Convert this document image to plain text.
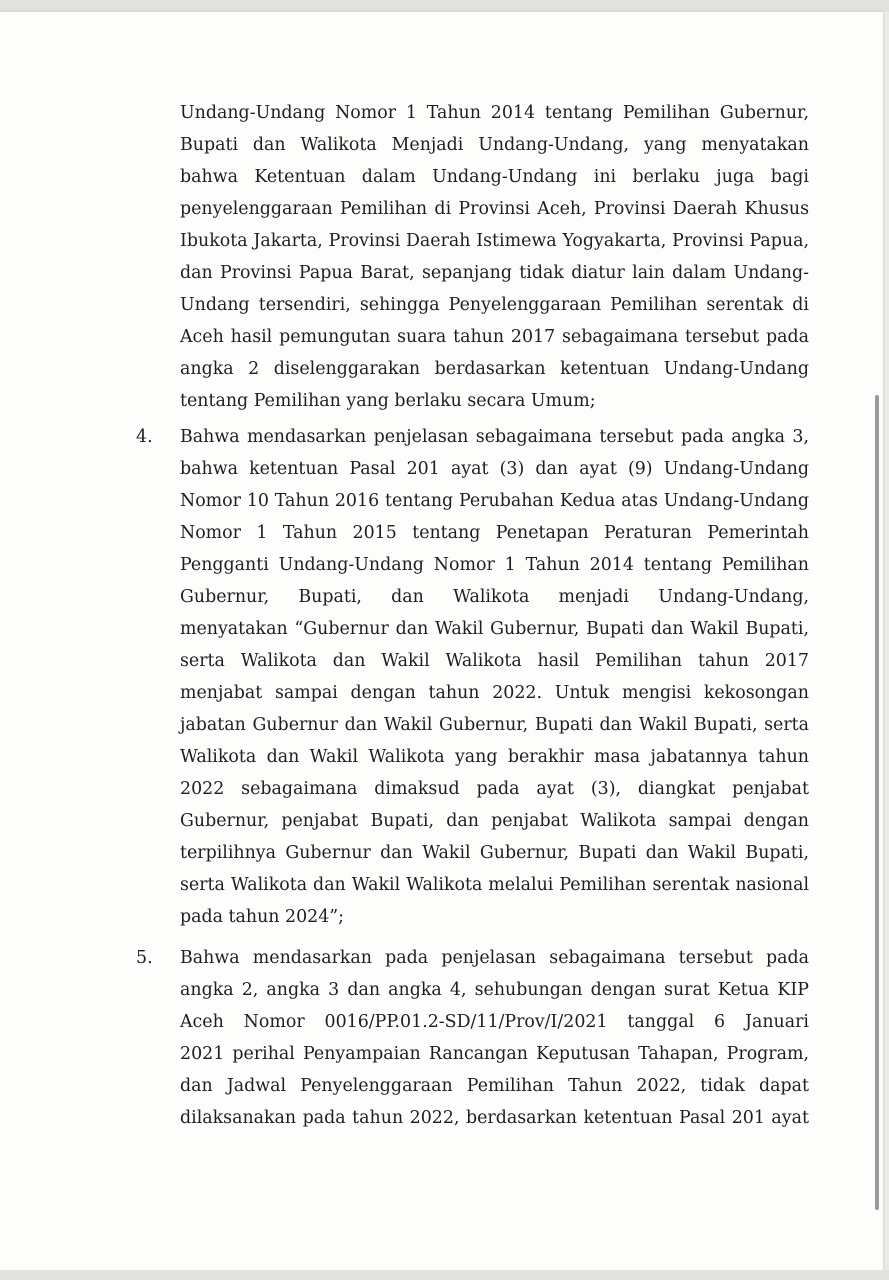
Undang-Undang Nomor 1 Tahun 2014 tentang Pemilihan Gubernur,
Bupati dan Walikota Menjadi Undang-Undang, yang menyatakan
bahwa Ketentuan dalam Undang-Undang ini berlaku juga bagi
penyelenggaraan Pemilihan di Provinsi Aceh, Provinsi Daerah Khusus
Ibukota Jakarta, Provinsi Daerah Istimewa Yogyakarta, Provinsi Papua,
dan Provinsi Papua Barat, sepanjang tidak diatur lain dalam Undang-
Undang tersendiri, sehingga Penyelenggaraan Pemilihan serentak di
Aceh hasil pemungutan suara tahun 2017 sebagaimana tersebut pada
angka 2 diselenggarakan berdasarkan ketentuan Undang-Undang
tentang Pemilihan yang berlaku secara Umum;
4. Bahwa mendasarkan penjelasan sebagaimana tersebut pada angka 3,
bahwa ketentuan Pasal 201 ayat (3) dan ayat (9) Undang-Undang
Nomor 10 Tahun 2016 tentang Perubahan Kedua atas Undang-Undang
Nomor 1 Tahun 2015 tentang Penetapan Peraturan Pemerintah
Pengganti Undang-Undang Nomor 1 Tahun 2014 tentang Pemilihan
Gubernur, Bupati, dan Walikota menjadi Undang-Undang,
menyatakan “Gubernur dan Wakil Gubernur, Bupati dan Wakil Bupati,
serta Walikota dan Wakil Walikota hasil Pemilihan tahun 2017
menjabat sampai dengan tahun 2022. Untuk mengisi kekosongan
jabatan Gubernur dan Wakil Gubernur, Bupati dan Wakil Bupati, serta
Walikota dan Wakil Walikota yang berakhir masa jabatannya tahun
2022 sebagaimana dimaksud pada ayat (3), diangkat penjabat
Gubernur, penjabat Bupati, dan penjabat Walikota sampai dengan
terpilihnya Gubernur dan Wakil Gubernur, Bupati dan Wakil Bupati,
serta Walikota dan Wakil Walikota melalui Pemilihan serentak nasional
pada tahun 2024”;
5. Bahwa mendasarkan pada penjelasan sebagaimana tersebut pada
angka 2, angka 3 dan angka 4, sehubungan dengan surat Ketua KIP
Aceh Nomor 0016/PP.01.2-SD/11/Prov/I/2021 tanggal 6 Januari
2021 perihal Penyampaian Rancangan Keputusan Tahapan, Program,
dan Jadwal Penyelenggaraan Pemilihan Tahun 2022, tidak dapat
dilaksanakan pada tahun 2022, berdasarkan ketentuan Pasal 201 ayat
